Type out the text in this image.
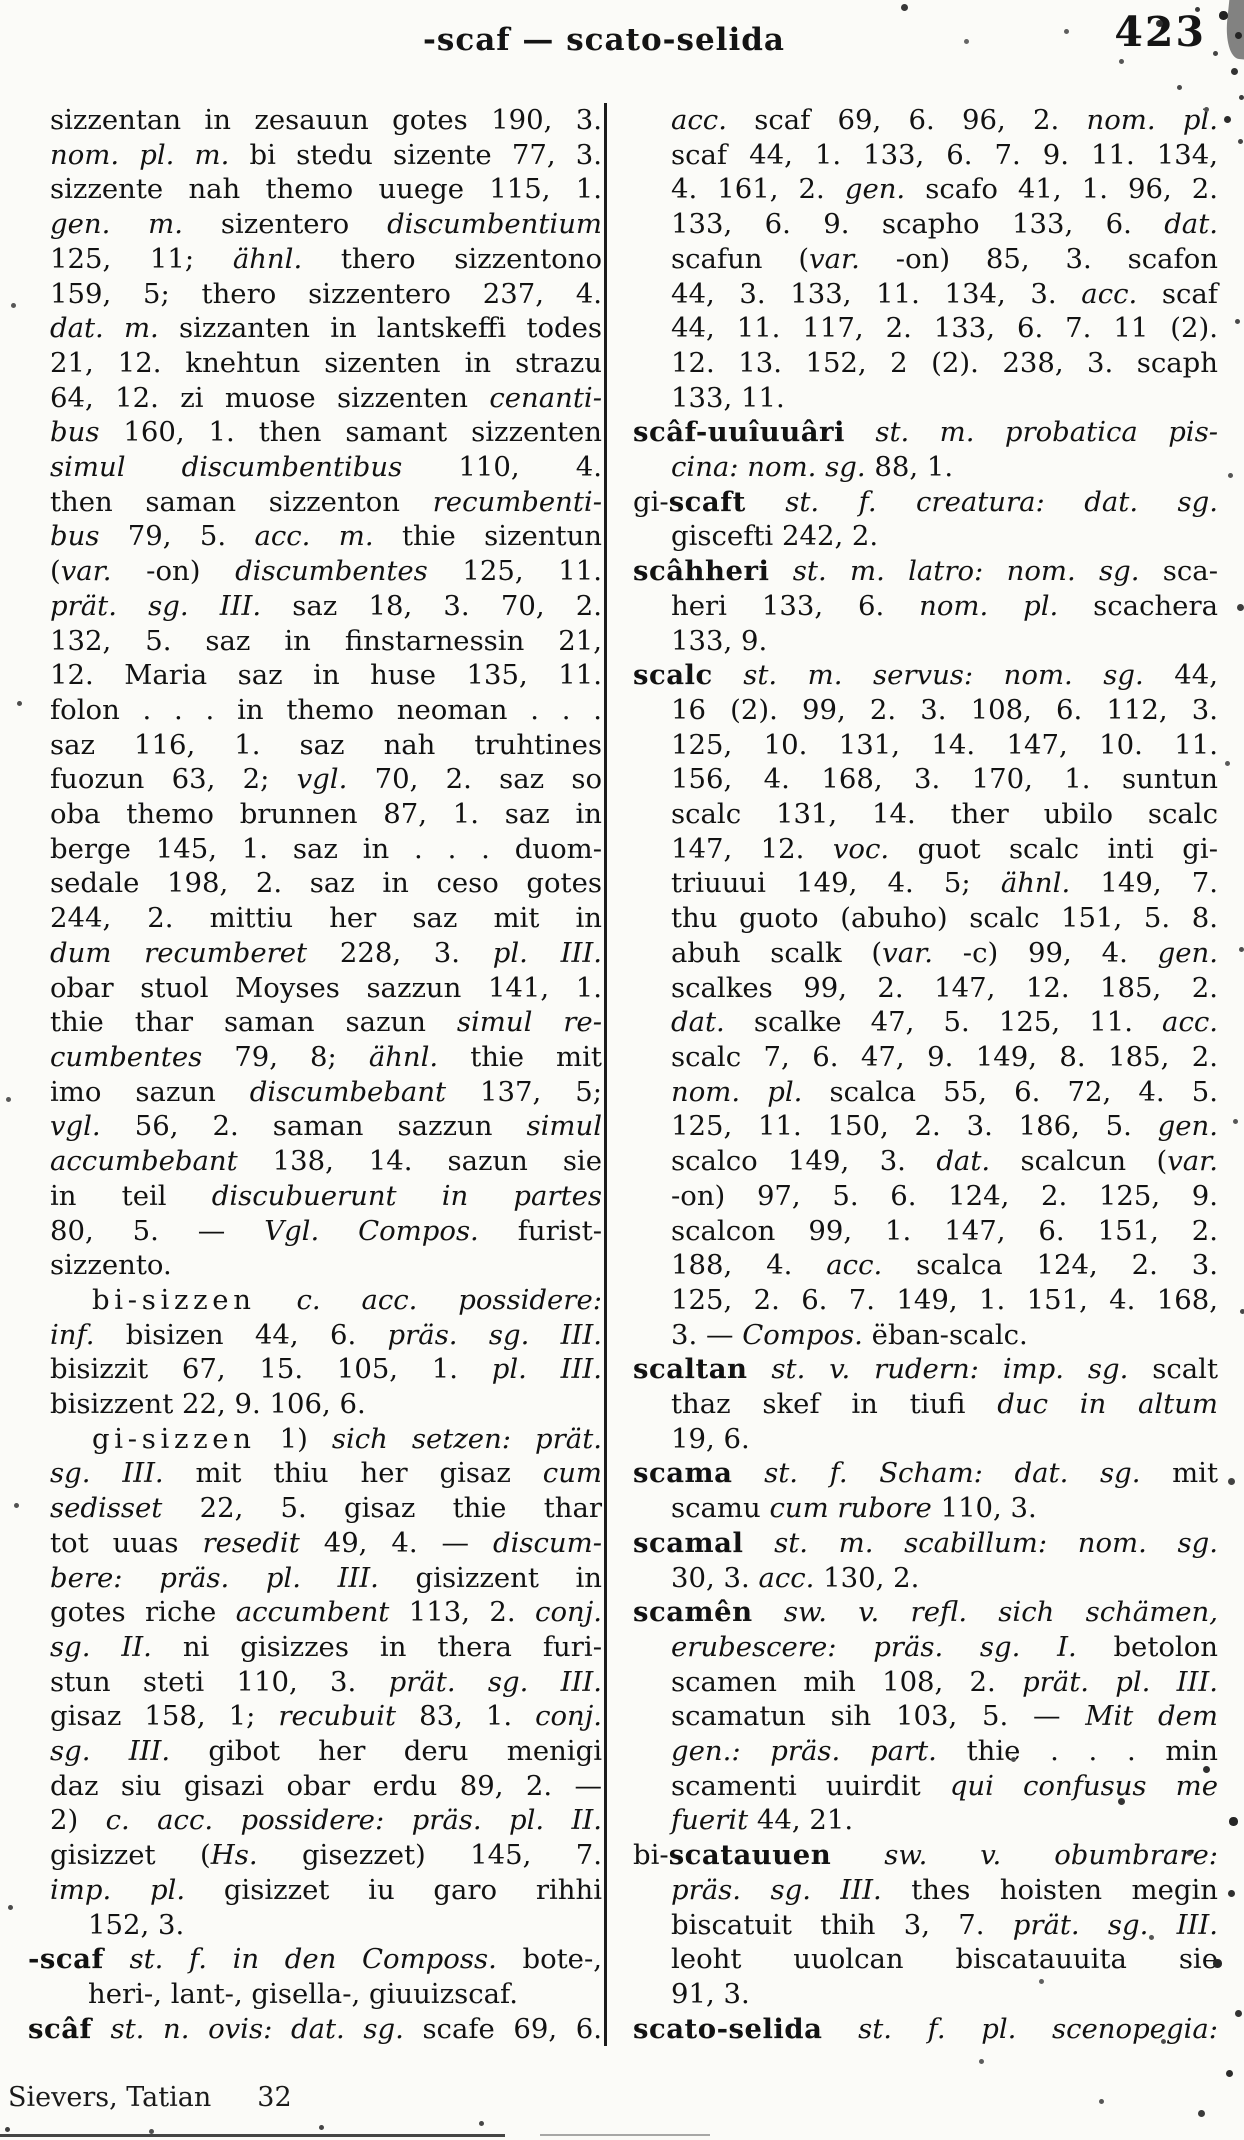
-scaf — scato-selida	423
sizzentan in zesauun gotes 190, 3.
nom. pl. m. bi stedu sizente 77, 3.
sizzente nah themo uuege 115, 1.
gen. m. sizentero discumbentium
125, 11; ähnl. thero sizzentono
159, 5; thero sizzentero 237, 4.
dat. m. sizzanten in lantskeffi todes
21, 12. knehtun sizenten in strazu
64, 12. zi muose sizzenten cenanti-
bus 160, 1. then samant sizzenten
simul discumbentibus 110, 4.
then saman sizzenton recumbenti-
bus 79, 5. acc. m. thie sizentun
(var. -on) discumbentes 125, 11.
prät. sg. III. saz 18, 3. 70, 2.
132, 5. saz in finstarnessin 21,
12. Maria saz in huse 135, 11.
folon . . . in themo neoman . . .
saz 116, 1. saz nah truhtines
fuozun 63, 2; vgl. 70, 2. saz so
oba themo brunnen 87, 1. saz in
berge 145, 1. saz in . . . duom-
sedale 198, 2. saz in ceso gotes
244, 2. mittiu her saz mit in
dum recumberet 228, 3. pl. III.
obar stuol Moyses sazzun 141, 1.
thie thar saman sazun simul re-
cumbentes 79, 8; ähnl. thie mit
imo sazun discumbebant 137, 5;
vgl. 56, 2. saman sazzun simul
accumbebant 138, 14. sazun sie
in teil discubuerunt in partes
80, 5. — Vgl. Compos. furist-
sizzento.
bi-sizzen c. acc. possidere:
inf. bisizen 44, 6. präs. sg. III.
bisizzit 67, 15. 105, 1. pl. III.
bisizzent 22, 9. 106, 6.
gi-sizzen 1) sich setzen: prät.
sg. III. mit thiu her gisaz cum
sedisset 22, 5. gisaz thie thar
tot uuas resedit 49, 4. — discum-
bere: präs. pl. III. gisizzent in
gotes riche accumbent 113, 2. conj.
sg. II. ni gisizzes in thera furi-
stun steti 110, 3. prät. sg. III.
gisaz 158, 1; recubuit 83, 1. conj.
sg. III. gibot her deru menigi
daz siu gisazi obar erdu 89, 2. —
2) c. acc. possidere: präs. pl. II.
gisizzet (Hs. gisezzet) 145, 7.
imp. pl. gisizzet iu garo rihhi
152, 3.
-scaf st. f. in den Composs. bote-,
heri-, lant-, gisella-, giuuizscaf.
scâf st. n. ovis: dat. sg. scafe 69, 6.
acc. scaf 69, 6. 96, 2. nom. pl.
scaf 44, 1. 133, 6. 7. 9. 11. 134,
4. 161, 2. gen. scafo 41, 1. 96, 2.
133, 6. 9. scapho 133, 6. dat.
scafun (var. -on) 85, 3. scafon
44, 3. 133, 11. 134, 3. acc. scaf
44, 11. 117, 2. 133, 6. 7. 11 (2).
12. 13. 152, 2 (2). 238, 3. scaph
133, 11.
scâf-uuîuuâri st. m. probatica pis-
cina: nom. sg. 88, 1.
gi-scaft st. f. creatura: dat. sg.
giscefti 242, 2.
scâhheri st. m. latro: nom. sg. sca-
heri 133, 6. nom. pl. scachera
133, 9.
scalc st. m. servus: nom. sg. 44,
16 (2). 99, 2. 3. 108, 6. 112, 3.
125, 10. 131, 14. 147, 10. 11.
156, 4. 168, 3. 170, 1. suntun
scalc 131, 14. ther ubilo scalc
147, 12. voc. guot scalc inti gi-
triuuui 149, 4. 5; ähnl. 149, 7.
thu guoto (abuho) scalc 151, 5. 8.
abuh scalk (var. -c) 99, 4. gen.
scalkes 99, 2. 147, 12. 185, 2.
dat. scalke 47, 5. 125, 11. acc.
scalc 7, 6. 47, 9. 149, 8. 185, 2.
nom. pl. scalca 55, 6. 72, 4. 5.
125, 11. 150, 2. 3. 186, 5. gen.
scalco 149, 3. dat. scalcun (var.
-on) 97, 5. 6. 124, 2. 125, 9.
scalcon 99, 1. 147, 6. 151, 2.
188, 4. acc. scalca 124, 2. 3.
125, 2. 6. 7. 149, 1. 151, 4. 168,
3. — Compos. ëban-scalc.
scaltan st. v. rudern: imp. sg. scalt
thaz skef in tiufi duc in altum
19, 6.
scama st. f. Scham: dat. sg. mit
scamu cum rubore 110, 3.
scamal st. m. scabillum: nom. sg.
30, 3. acc. 130, 2.
scamên sw. v. refl. sich schämen,
erubescere: präs. sg. I. betolon
scamen mih 108, 2. prät. pl. III.
scamatun sih 103, 5. — Mit dem
gen.: präs. part. thie . . . min
scamenti uuirdit qui confusus me
fuerit 44, 21.
bi-scatauuen sw. v. obumbrare:
präs. sg. III. thes hoisten megin
biscatuit thih 3, 7. prät. sg. III.
leoht uuolcan biscatauuita sie
91, 3.
scato-selida st. f. pl. scenopegia:
Sievers, Tatian 32
